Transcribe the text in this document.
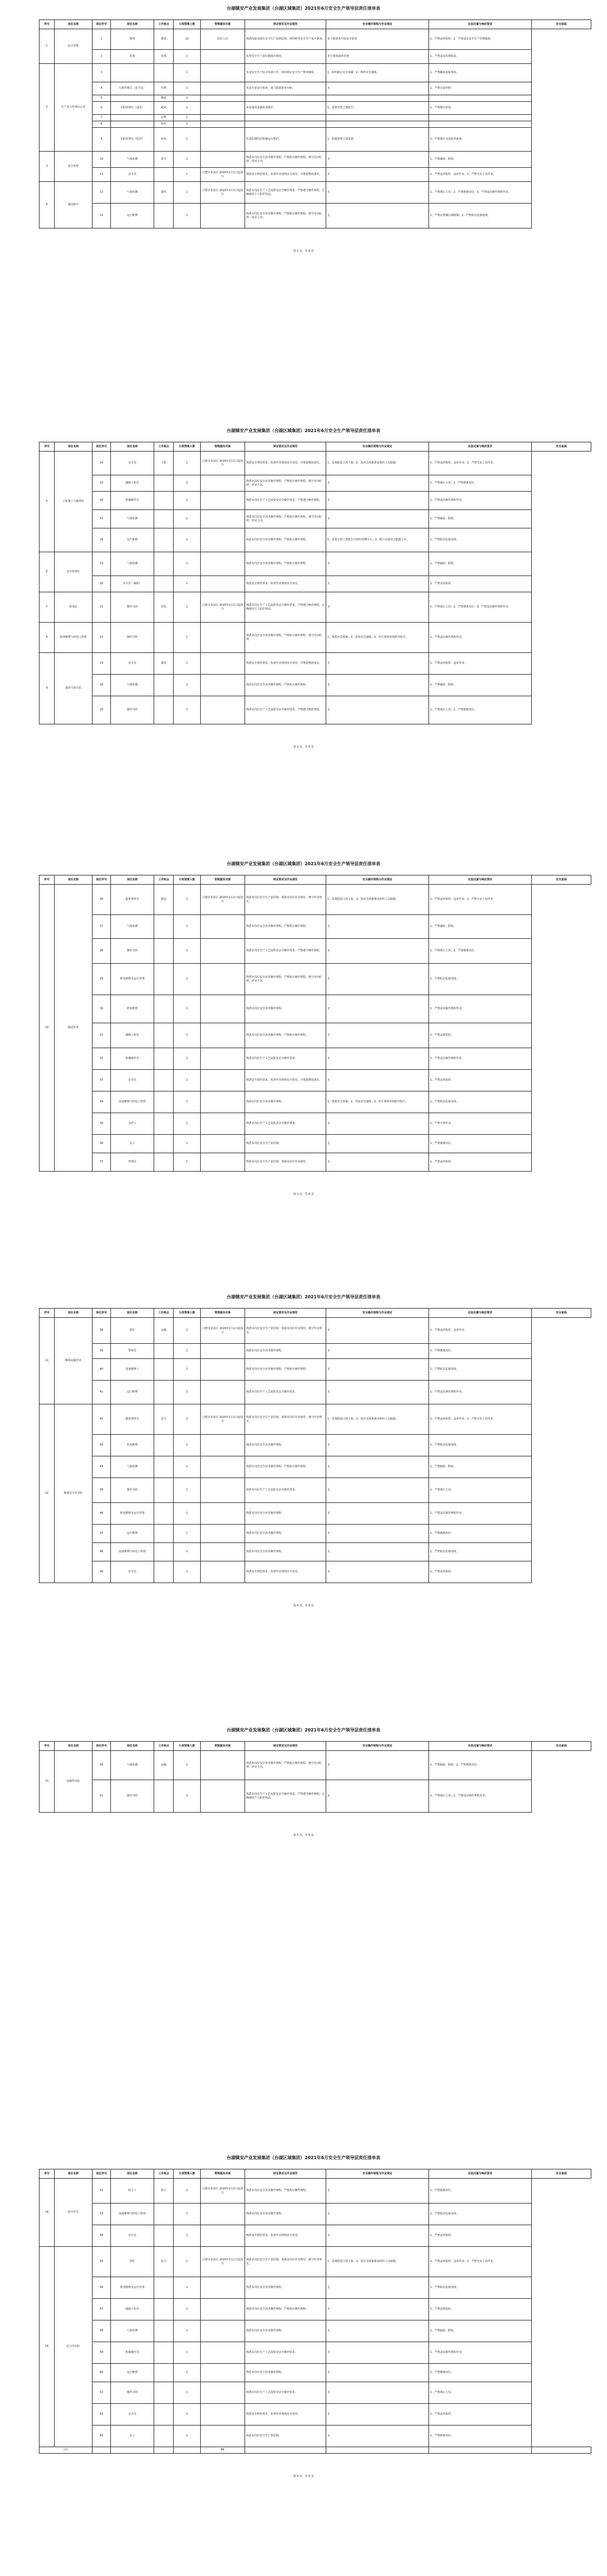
台湖镇安产业发展集团（台湖区域集团）2021年6月安全生产领导层责任清单表
序号	岗位名称	岗位序号	岗位名称	工作地点	分项管理人数	管理服务对象	持证要求及作业规范	安全操作规程与作业规定	应急处置与响应要求	安全底线
1	综合管理	1	董事	董事	12	持证人员	熟悉国家及地方安全生产法律法规，组织研究安全生产重大事项。	按上级要求开展安全检查	1、严禁违章指挥；2、严禁违反安全生产管理制度。	
		2	监事	监事	1		监督安全生产责任制落实情况。	参与事故调查处理	1、严禁违反监督职责。	
2	生产安全管理办公室	3			1		负责安全生产综合协调工作，组织制定安全生产规章制度。	1、组织制定应急预案；2、组织应急演练。	1、严禁瞒报谎报事故。	
		4	专职管理员（安全员）	管理	1		负责日常安全检查，建立隐患排查台账。	无	1、严禁弄虚作假。	
		5		隧道	1					
		6	专职管理员（通风）	通风	1		负责通风设施检查维护。	1、发现异常立即报告。	1、严禁擅自停风。	
		7		瓦斯	1					
		8		监控	1					
		9	专职管理员（监控）	机电	1		负责监测监控系统运行维护。	1、系统报警立即处置。	1、严禁擅自关闭监控系统。	
3	安全监察	10	气体检测	安全	1		熟悉本岗位安全技术操作规程，严格执行操作规程，遵守劳动纪律，持证上岗。	无	1、严禁漏检、假检。	
		11	安全员		1	合肥市龙岗区 2020年1月1日起执行	熟悉安全规范要求，检查作业现场安全状况，并督促整改落实。	无	1、严禁违章指挥、违章作业；2、严禁无证上岗作业。	
4	通风防尘	12	气体检测	通风	1	合肥市龙岗区 2020年1月1日起执行	熟悉本岗位生产工艺流程及安全操作要求，严格遵守操作规程，正确使用个人防护用品。	无	1、严禁酒后上岗；2、严禁擅离岗位；3、严禁违反操作规程作业。	
		13	运行维修		1		熟悉本岗位安全技术操作规程，严格执行操作规程，遵守劳动纪律，持证上岗。	无	1、严禁在禁烟区域吸烟；2、严禁私拉乱接电线。	
第 1 页，共 6 页
台湖镇安产业发展集团（台湖区域集团）2021年6月安全生产领导层责任清单表
序号	岗位名称	岗位序号	岗位名称	工作地点	分项管理人数	管理服务对象	持证要求及作业规范	安全操作规程与作业规定	应急处置与响应要求	安全底线
5	工程施工与地质队	14	安全员	工程	1	合肥市龙岗区 2020年1月1日起执行	熟悉安全规范要求，检查作业现场安全状况，并督促整改落实。	1、发现隐患立即上报；2、按应急预案要求组织人员疏散。	1、严禁违章指挥、违章作业；2、严禁无证上岗作业。	
		15	爆破工程员		1		熟悉本岗位安全技术操作规程，严格执行操作规程，遵守劳动纪律，持证上岗。	无	1、严禁酒后上岗；2、严禁擅离岗位。	
		16	机械操作员		1		熟悉本岗位生产工艺流程及安全操作要求，严格遵守操作规程。	无	1、严禁违反操作规程作业。	
		17	气体检测		1		熟悉本岗位安全技术操作规程，严格执行操作规程，遵守劳动纪律，持证上岗。	无	1、严禁漏检、假检。	
		18	运行维修		1		熟悉本岗位安全技术操作规程，严格执行操作规程。	1、发现火情立即报告并组织初期灭火；2、配合开展应急救援工作。	1、严禁私拉乱接电线。	
6	安全监察队	19	气体检测		1		熟悉本岗位安全技术操作规程，严格执行操作规程。	无	1、严禁漏检、假检。	
		20	安全员（兼职）		1		熟悉安全规范要求，检查作业现场安全状况。	无	1、严禁违章指挥。	
7	机电队	21	操作司机	机电	1	合肥市龙岗区 2020年1月1日起执行	熟悉本岗位生产工艺流程及安全操作要求，严格遵守操作规程，正确使用个人防护用品。	无	1、严禁酒后上岗；2、严禁擅离岗位；3、严禁违反操作规程作业。	
8	设备维修与机电工程班	22	操作司机		1		熟悉本岗位安全技术操作规程，严格执行操作规程，遵守劳动纪律。	1、熟悉应急预案；2、参加应急演练；3、发生事故时按程序报告。	1、严禁违反操作规程作业。	
9	通风与防尘队	23	安全员	通风	1		熟悉安全规范要求，检查作业现场安全状况，并督促整改落实。	无	1、严禁违章指挥、违章作业。	
		24	气体检测		1		熟悉本岗位安全技术操作规程，严格执行操作规程。	无	1、严禁漏检、假检。	
		25	操作司机		1		熟悉本岗位生产工艺流程及安全操作要求，严格遵守操作规程。	无	1、严禁酒后上岗；2、严禁擅离岗位。	
第 2 页，共 6 页
台湖镇安产业发展集团（台湖区域集团）2021年6月安全生产领导层责任清单表
序号	岗位名称	岗位序号	岗位名称	工作地点	分项管理人数	管理服务对象	持证要求及作业规范	安全操作规程与作业规定	应急处置与响应要求	安全底线
10	掘进作业	26	掘进带班长	掘进	1	合肥市龙岗区 2020年1月1日起执行	熟悉本岗位安全生产责任制，掌握本岗位作业规范，遵守作业规定。	1、发现隐患立即上报；2、按应急预案要求组织人员疏散。	1、严禁违章指挥、违章作业；2、严禁无证上岗作业。	
		27	气体检测		1		熟悉本岗位安全技术操作规程，严格执行操作规程。	无	1、严禁漏检、假检。	
		28	操作司机		1		熟悉本岗位生产工艺流程及安全操作要求，严格遵守操作规程。	无	1、严禁酒后上岗；2、严禁擅离岗位。	
		29	机电维修及运行管理		1		熟悉本岗位安全技术操作规程，严格执行操作规程，遵守劳动纪律，持证上岗。	无	1、严禁私拉乱接电线。	
		30	机电维修		1		熟悉本岗位安全技术操作规程。	无	1、严禁违反操作规程作业。	
		31	爆破工程员		1		熟悉本岗位安全技术操作规程，严格执行操作规程。	无	1、严禁违规装药。	
		32	机械操作员		1		熟悉本岗位生产工艺流程及安全操作要求。	无	1、严禁违反操作规程作业。	
		33	安全员		1		熟悉安全规范要求，检查作业现场安全状况，并督促整改落实。	无	1、严禁违章指挥。	
		34	设备维修与机电工程班		1		熟悉本岗位安全技术操作规程。	1、熟悉应急预案；2、参加应急演练；3、发生事故时按程序报告。	1、严禁私拉乱接电线。	
		35	支护工		1		熟悉本岗位生产工艺流程及安全操作要求。	无	1、严禁空顶作业。	
		36	杂工		1		熟悉本岗位安全生产责任制。	无	1、严禁擅离岗位。	
		37	管理员		1		熟悉本岗位安全生产责任制，掌握本岗位作业规范。	无	1、严禁违章指挥。	
第 3 页，共 6 页
台湖镇安产业发展集团（台湖区域集团）2021年6月安全生产领导层责任清单表
序号	岗位名称	岗位序号	岗位名称	工作地点	分项管理人数	管理服务对象	持证要求及作业规范	安全操作规程与作业规定	应急处置与响应要求	安全底线
11	辅助运输作业	38	班长	运输	1	合肥市龙岗区 2020年1月1日起执行	熟悉本岗位安全生产责任制，掌握本岗位作业规范，遵守作业规定。	无	1、严禁违章指挥、违章作业。	
		39	警戒员		1		熟悉本岗位安全技术操作规程。	无	1、严禁擅离岗位。	
		40	设备维修工		1		熟悉本岗位安全技术操作规程，严格执行操作规程。	无	1、严禁私拉乱接电线。	
		41	运行维修		1		熟悉本岗位生产工艺流程及安全操作要求。	无	1、严禁违反操作规程作业。	
12	掘进安全作业队	42	掘进带班长	安全	1	合肥市龙岗区 2020年1月1日起执行	熟悉本岗位安全生产责任制，掌握本岗位作业规范，遵守作业规定。	1、发现隐患立即上报；2、按应急预案要求组织人员疏散。	1、严禁违章指挥、违章作业；2、严禁无证上岗作业。	
		43	机电维修		1		熟悉本岗位安全技术操作规程。	无	1、严禁私拉乱接电线。	
		44	气体检测		1		熟悉本岗位安全技术操作规程，严格执行操作规程。	无	1、严禁漏检、假检。	
		45	操作司机		1		熟悉本岗位生产工艺流程及安全操作要求。	无	1、严禁酒后上岗。	
		46	机电维修及运行管理		1		熟悉本岗位安全技术操作规程。	无	1、严禁违反操作规程作业。	
		47	运行维修		1		熟悉本岗位安全技术操作规程。	无	1、严禁擅离岗位。	
		48	设备维修与机电工程班		1		熟悉本岗位安全技术操作规程。	无	1、严禁私拉乱接电线。	
		49	安全员		1		熟悉安全规范要求，检查作业现场安全状况。	无	1、严禁违章指挥。	
第 4 页，共 6 页
台湖镇安产业发展集团（台湖区域集团）2021年6月安全生产领导层责任清单表
序号	岗位名称	岗位序号	岗位名称	工作地点	分项管理人数	管理服务对象	持证要求及作业规范	安全操作规程与作业规定	应急处置与响应要求	安全底线
13	运输作业队	50	气体检测	运输	1		熟悉本岗位安全技术操作规程，严格执行操作规程，遵守劳动纪律，持证上岗。	无	1、严禁漏检、假检；2、严禁擅离岗位。	
		51	操作司机		1		熟悉本岗位生产工艺流程及安全操作要求，严格遵守操作规程，正确使用个人防护用品。	无	1、严禁酒后上岗；2、严禁违反操作规程作业。	
第 5 页，共 6 页
台湖镇安产业发展集团（台湖区域集团）2021年6月安全生产领导层责任清单表
序号	岗位名称	岗位序号	岗位名称	工作地点	分项管理人数	管理服务对象	持证要求及作业规范	安全操作规程与作业规定	应急处置与响应要求	安全底线
14	防尘作业	52	防尘工	防尘	1	合肥市龙岗区 2020年1月1日起执行	熟悉本岗位安全技术操作规程，严格执行操作规程。	无	1、严禁擅离岗位。	
		53	设备维修与机电工程班		1		熟悉本岗位安全技术操作规程。	无	1、严禁私拉乱接电线。	
		54	安全员		1		熟悉安全规范要求，检查作业现场安全状况。	无	1、严禁违章指挥。	
15	综合作业队	55	班长	综合	1	合肥市龙岗区 2020年1月1日起执行	熟悉本岗位安全生产责任制，掌握本岗位作业规范，遵守作业规定。	1、发现隐患立即上报；2、按应急预案要求组织人员疏散。	1、严禁违章指挥、违章作业；2、严禁无证上岗作业。	
		56	机电维修及运行管理		1		熟悉本岗位安全技术操作规程。	无	1、严禁私拉乱接电线。	
		57	爆破工程员		1		熟悉本岗位安全技术操作规程，严格执行操作规程。	无	1、严禁违规装药。	
		58	气体检测		1		熟悉本岗位安全技术操作规程。	无	1、严禁漏检、假检。	
		59	机械操作员		1		熟悉本岗位生产工艺流程及安全操作要求。	无	1、严禁违反操作规程作业。	
		60	运行维修		1		熟悉本岗位安全技术操作规程。	无	1、严禁擅离岗位。	
		61	操作司机		1		熟悉本岗位生产工艺流程及安全操作要求。	无	1、严禁酒后上岗。	
		62	安全员		1		熟悉安全规范要求，检查作业现场安全状况。	无	1、严禁违章指挥。	
		63	杂工		1		熟悉本岗位安全生产责任制。	无	1、严禁擅离岗位。	
合计						66				
第 6 页，共 6 页
